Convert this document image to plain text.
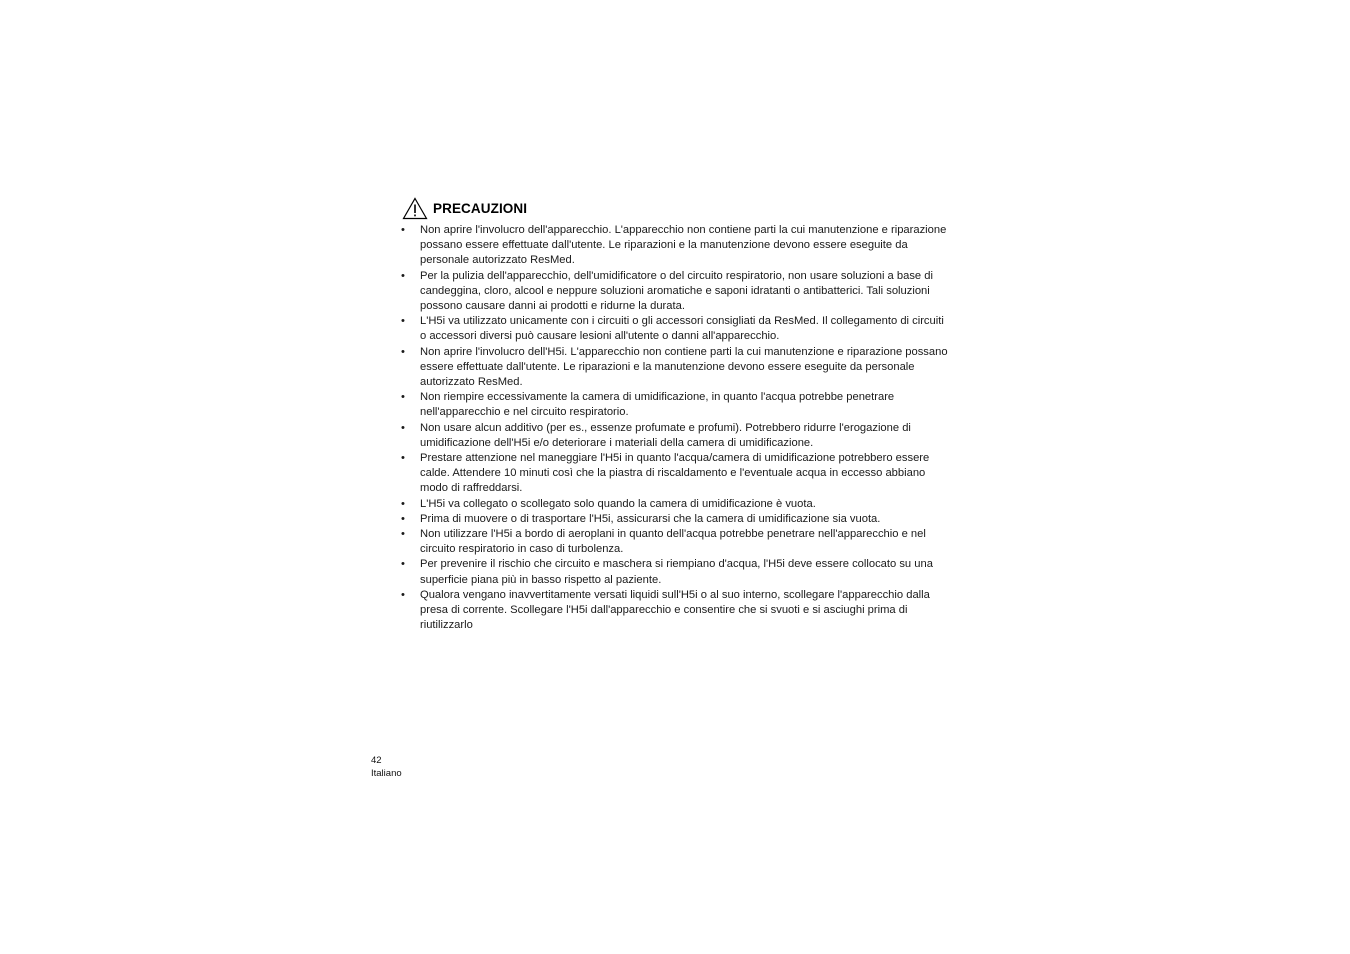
PRECAUZIONI
• Non aprire l'involucro dell'apparecchio. L'apparecchio non contiene parti la cui manutenzione e riparazione possano essere effettuate dall'utente. Le riparazioni e la manutenzione devono essere eseguite da personale autorizzato ResMed.
• Per la pulizia dell'apparecchio, dell'umidificatore o del circuito respiratorio, non usare soluzioni a base di candeggina, cloro, alcool e neppure soluzioni aromatiche e saponi idratanti o antibatterici. Tali soluzioni possono causare danni ai prodotti e ridurne la durata.
• L'H5i va utilizzato unicamente con i circuiti o gli accessori consigliati da ResMed. Il collegamento di circuiti o accessori diversi può causare lesioni all'utente o danni all'apparecchio.
• Non aprire l'involucro dell'H5i. L'apparecchio non contiene parti la cui manutenzione e riparazione possano essere effettuate dall'utente. Le riparazioni e la manutenzione devono essere eseguite da personale autorizzato ResMed.
• Non riempire eccessivamente la camera di umidificazione, in quanto l'acqua potrebbe penetrare nell'apparecchio e nel circuito respiratorio.
• Non usare alcun additivo (per es., essenze profumate e profumi). Potrebbero ridurre l'erogazione di umidificazione dell'H5i e/o deteriorare i materiali della camera di umidificazione.
• Prestare attenzione nel maneggiare l'H5i in quanto l'acqua/camera di umidificazione potrebbero essere calde. Attendere 10 minuti così che la piastra di riscaldamento e l'eventuale acqua in eccesso abbiano modo di raffreddarsi.
• L'H5i va collegato o scollegato solo quando la camera di umidificazione è vuota.
• Prima di muovere o di trasportare l'H5i, assicurarsi che la camera di umidificazione sia vuota.
• Non utilizzare l'H5i a bordo di aeroplani in quanto dell'acqua potrebbe penetrare nell'apparecchio e nel circuito respiratorio in caso di turbolenza.
• Per prevenire il rischio che circuito e maschera si riempiano d'acqua, l'H5i deve essere collocato su una superficie piana più in basso rispetto al paziente.
• Qualora vengano inavvertitamente versati liquidi sull'H5i o al suo interno, scollegare l'apparecchio dalla presa di corrente. Scollegare l'H5i dall'apparecchio e consentire che si svuoti e si asciughi prima di riutilizzarlo
42
Italiano
